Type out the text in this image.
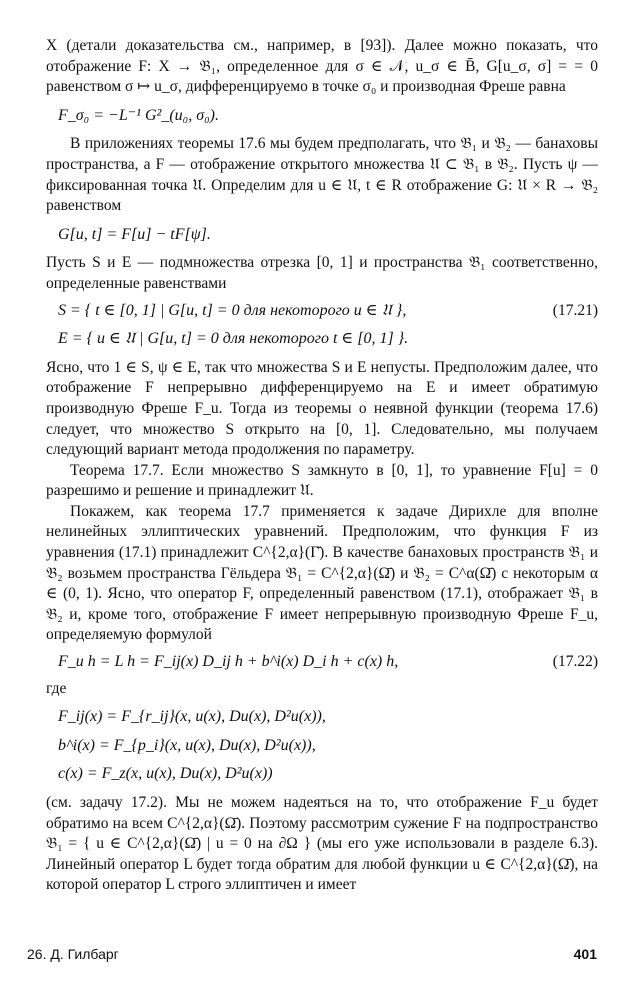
X (детали доказательства см., например, в [93]). Далее можно показать, что отображение F: X → 𝔅₁, определенное для σ ∈ 𝒩, u_σ ∈ B̄, G[u_σ, σ] = = 0 равенством σ ↦ u_σ, дифференцируемо в точке σ₀ и производная Фреше равна

F_σ₀ = −L⁻¹ G²_(u₀, σ₀).

В приложениях теоремы 17.6 мы будем предполагать, что 𝔅₁ и 𝔅₂ — банаховы пространства, а F — отображение открытого множества 𝔘 ⊂ 𝔅₁ в 𝔅₂. Пусть ψ — фиксированная точка 𝔘. Определим для u ∈ 𝔘, t ∈ R отображение G: 𝔘 × R → 𝔅₂ равенством

G[u, t] = F[u] − tF[ψ].

Пусть S и E — подмножества отрезка [0, 1] и пространства 𝔅₁ соответственно, определенные равенствами

S = { t ∈ [0, 1] | G[u, t] = 0 для некоторого u ∈ 𝔘 },	(17.21)
E = { u ∈ 𝔘 | G[u, t] = 0 для некоторого t ∈ [0, 1] }.

Ясно, что 1 ∈ S, ψ ∈ E, так что множества S и E непусты. Предположим далее, что отображение F непрерывно дифференцируемо на E и имеет обратимую производную Фреше F_u. Тогда из теоремы о неявной функции (теорема 17.6) следует, что множество S открыто на [0, 1]. Следовательно, мы получаем следующий вариант метода продолжения по параметру.

Теорема 17.7. Если множество S замкнуто в [0, 1], то уравнение F[u] = 0 разрешимо и решение и принадлежит 𝔘.

Покажем, как теорема 17.7 применяется к задаче Дирихле для вполне нелинейных эллиптических уравнений. Предположим, что функция F из уравнения (17.1) принадлежит C^{2,α}(Γ̄). В качестве банаховых пространств 𝔅₁ и 𝔅₂ возьмем пространства Гёльдера 𝔅₁ = C^{2,α}(Ω̄) и 𝔅₂ = C^α(Ω̄) с некоторым α ∈ (0, 1). Ясно, что оператор F, определенный равенством (17.1), отображает 𝔅₁ в 𝔅₂ и, кроме того, отображение F имеет непрерывную производную Фреше F_u, определяемую формулой

F_u h = L h = F_ij(x) D_ij h + b^i(x) D_i h + c(x) h,	(17.22)

где

F_ij(x) = F_{r_ij}(x, u(x), Du(x), D²u(x)),
b^i(x) = F_{p_i}(x, u(x), Du(x), D²u(x)),
c(x) = F_z(x, u(x), Du(x), D²u(x))

(см. задачу 17.2). Мы не можем надеяться на то, что отображение F_u будет обратимо на всем C^{2,α}(Ω̄). Поэтому рассмотрим сужение F на подпространство 𝔅₁ = { u ∈ C^{2,α}(Ω̄) | u = 0 на ∂Ω } (мы его уже использовали в разделе 6.3). Линейный оператор L будет тогда обратим для любой функции u ∈ C^{2,α}(Ω̄), на которой оператор L строго эллиптичен и имеет

26. Д. Гилбарг	401
